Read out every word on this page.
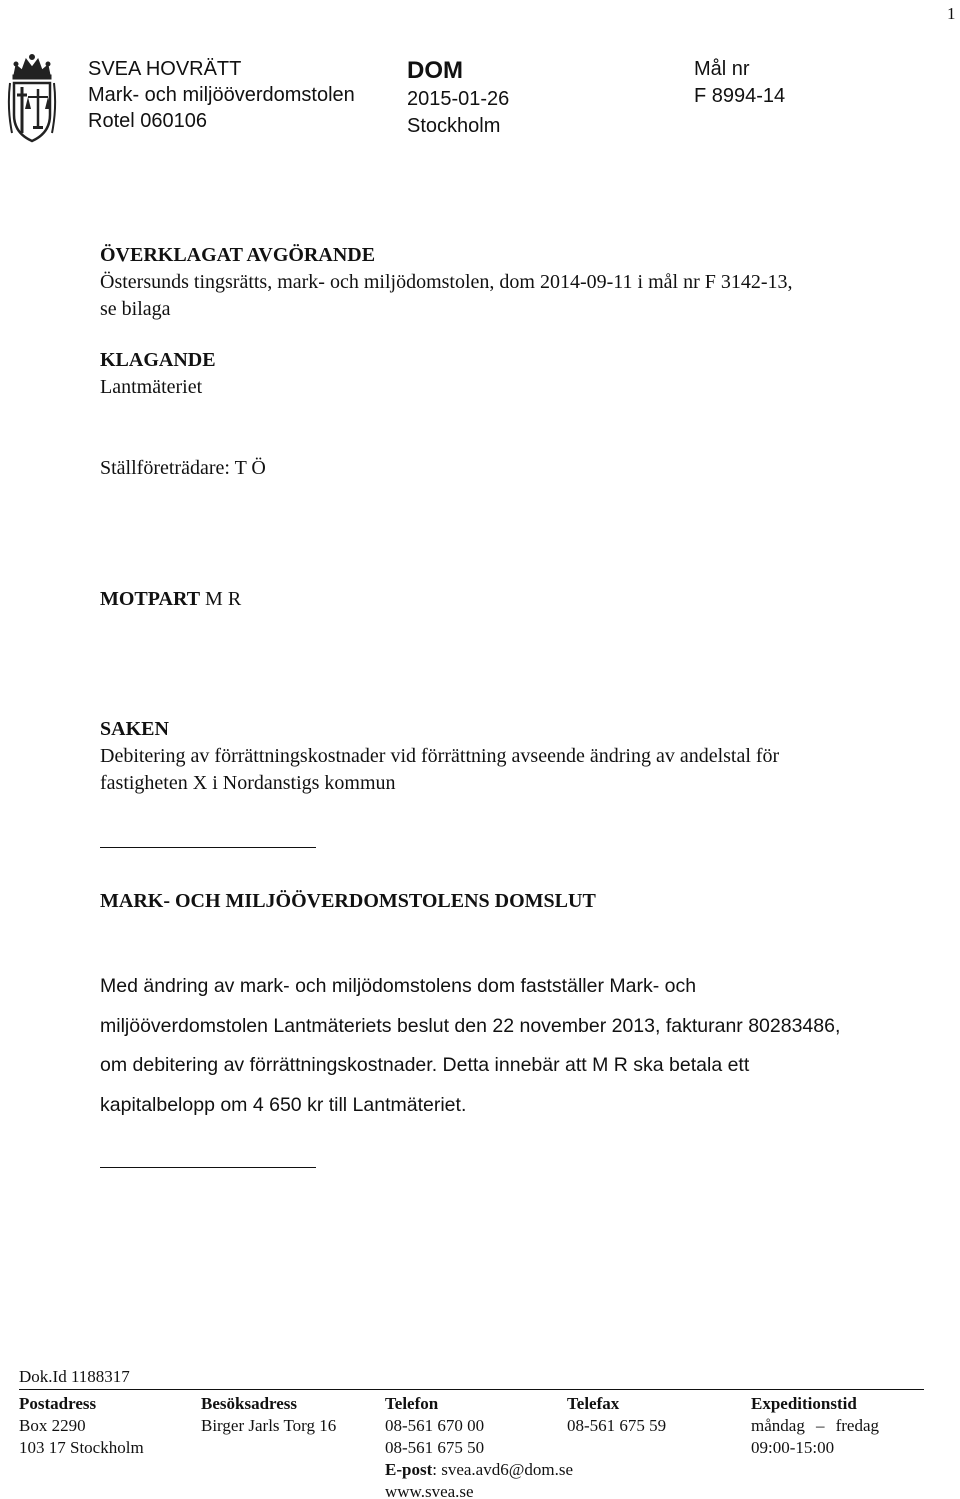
1
SVEA HOVRÄTT
Mark- och miljööverdomstolen
Rotel 060106
DOM
2015-01-26
Stockholm
Mål nr
F 8994-14
ÖVERKLAGAT AVGÖRANDE
Östersunds tingsrätts, mark- och miljödomstolen, dom 2014-09-11 i mål nr F 3142-13,
se bilaga
KLAGANDE
Lantmäteriet
Ställföreträdare: T Ö
MOTPART M R
SAKEN
Debitering av förrättningskostnader vid förrättning avseende ändring av andelstal för
fastigheten X i Nordanstigs kommun
MARK- OCH MILJÖÖVERDOMSTOLENS DOMSLUT
Med ändring av mark- och miljödomstolens dom fastställer Mark- och
miljööverdomstolen Lantmäteriets beslut den 22 november 2013, fakturanr 80283486,
om debitering av förrättningskostnader. Detta innebär att M R ska betala ett
kapitalbelopp om 4 650 kr till Lantmäteriet.
Dok.Id 1188317
Postadress
Box 2290
103 17 Stockholm
Besöksadress
Birger Jarls Torg 16
Telefon
08-561 670 00
08-561 675 50
E-post: svea.avd6@dom.se
www.svea.se
Telefax
08-561 675 59
Expeditionstid
måndag – fredag
09:00-15:00
